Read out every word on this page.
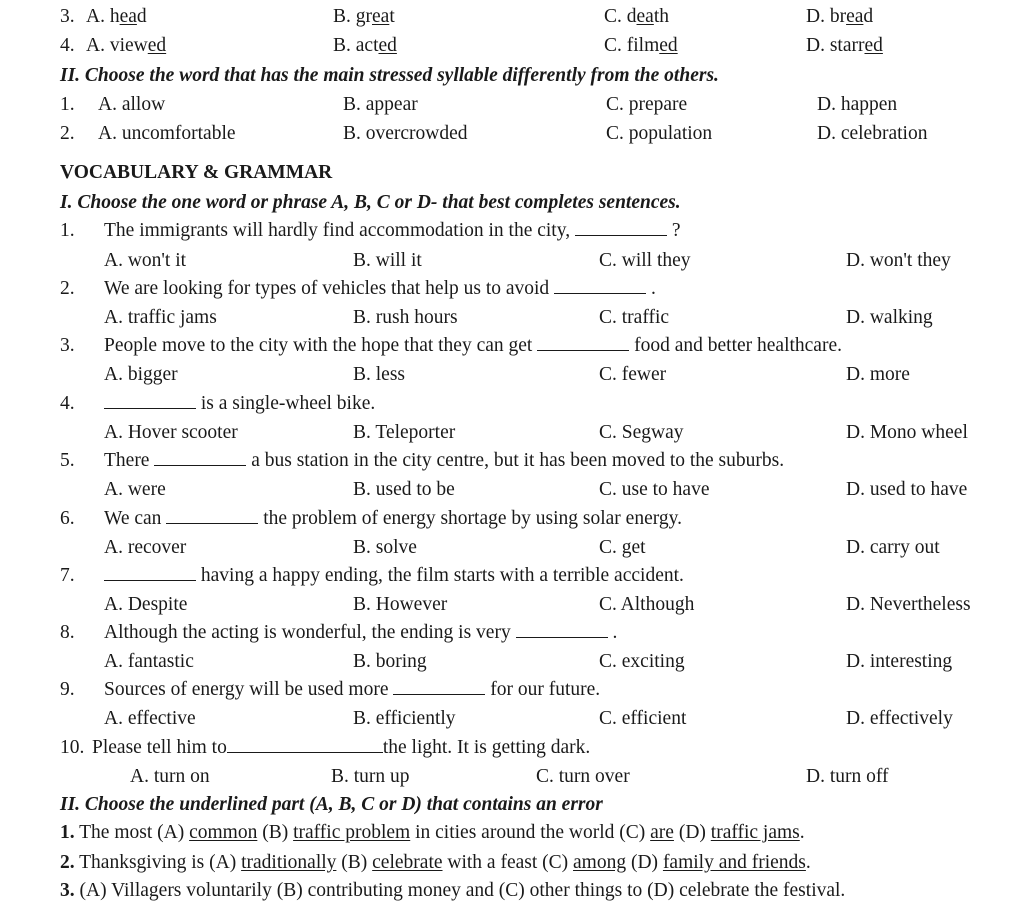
3. A. head	B. great	C. death	D. bread
4. A. viewed	B. acted	C. filmed	D. starred
II. Choose the word that has the main stressed syllable differently from the others.
1. A. allow	B. appear	C. prepare	D. happen
2. A. uncomfortable	B. overcrowded	C. population	D. celebration
VOCABULARY & GRAMMAR
I. Choose the one word or phrase A, B, C or D- that best completes sentences.
1. The immigrants will hardly find accommodation in the city,	?
A. won't it	B. will it	C. will they	D. won't they
2. We are looking for types of vehicles that help us to avoid	.
A. traffic jams	B. rush hours	C. traffic	D. walking
3. People move to the city with the hope that they can get	food and better healthcare.
A. bigger	B. less	C. fewer	D. more
4.	is a single-wheel bike.
A. Hover scooter	B. Teleporter	C. Segway	D. Mono wheel
5. There	a bus station in the city centre, but it has been moved to the suburbs.
A. were	B. used to be	C. use to have	D. used to have
6. We can	the problem of energy shortage by using solar energy.
A. recover	B. solve	C. get	D. carry out
7.	having a happy ending, the film starts with a terrible accident.
A. Despite	B. However	C. Although	D. Nevertheless
8. Although the acting is wonderful, the ending is very	.
A. fantastic	B. boring	C. exciting	D. interesting
9. Sources of energy will be used more	for our future.
A. effective	B. efficiently	C. efficient	D. effectively
10. Please tell him to	the light. It is getting dark.
A. turn on	B. turn up	C. turn over	D. turn off
II. Choose the underlined part (A, B, C or D) that contains an error
1. The most (A) common (B) traffic problem in cities around the world (C) are (D) traffic jams.
2. Thanksgiving is (A) traditionally (B) celebrate with a feast (C) among (D) family and friends.
3. (A) Villagers voluntarily (B) contributing money and (C) other things to (D) celebrate the festival.
